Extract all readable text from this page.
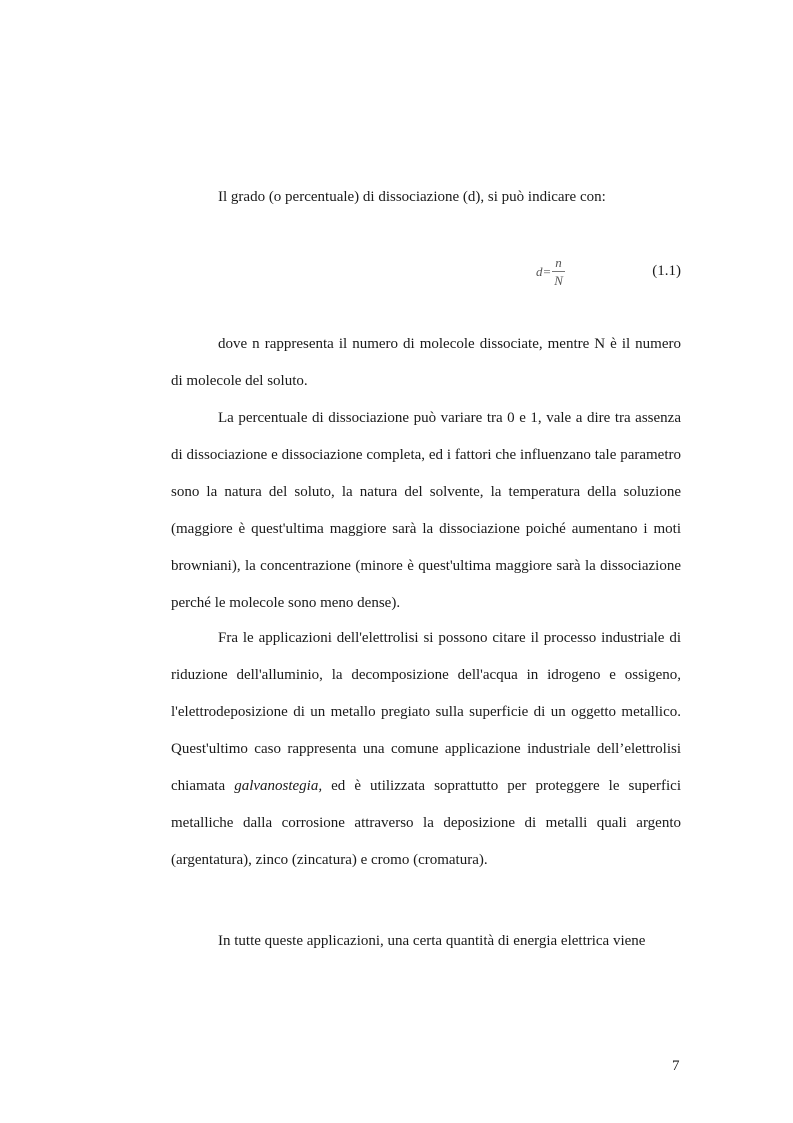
Il grado (o percentuale) di dissociazione (d), si può indicare con:

$d= \frac{n}{N}$	(1.1)

dove n rappresenta il numero di molecole dissociate, mentre N è il numero di molecole del soluto.

La percentuale di dissociazione può variare tra 0 e 1, vale a dire tra assenza di dissociazione e dissociazione completa, ed i fattori che influenzano tale parametro sono la natura del soluto, la natura del solvente, la temperatura della soluzione (maggiore è quest'ultima maggiore sarà la dissociazione poiché aumentano i moti browniani), la concentrazione (minore è quest'ultima maggiore sarà la dissociazione perché le molecole sono meno dense).

Fra le applicazioni dell'elettrolisi si possono citare il processo industriale di riduzione dell'alluminio, la decomposizione dell'acqua in idrogeno e ossigeno, l'elettrodeposizione di un metallo pregiato sulla superficie di un oggetto metallico. Quest'ultimo caso rappresenta una comune applicazione industriale dell’elettrolisi chiamata galvanostegia, ed è utilizzata soprattutto per proteggere le superfici metalliche dalla corrosione attraverso la deposizione di metalli quali argento (argentatura), zinco (zincatura) e cromo (cromatura).

In tutte queste applicazioni, una certa quantità di energia elettrica viene

7
